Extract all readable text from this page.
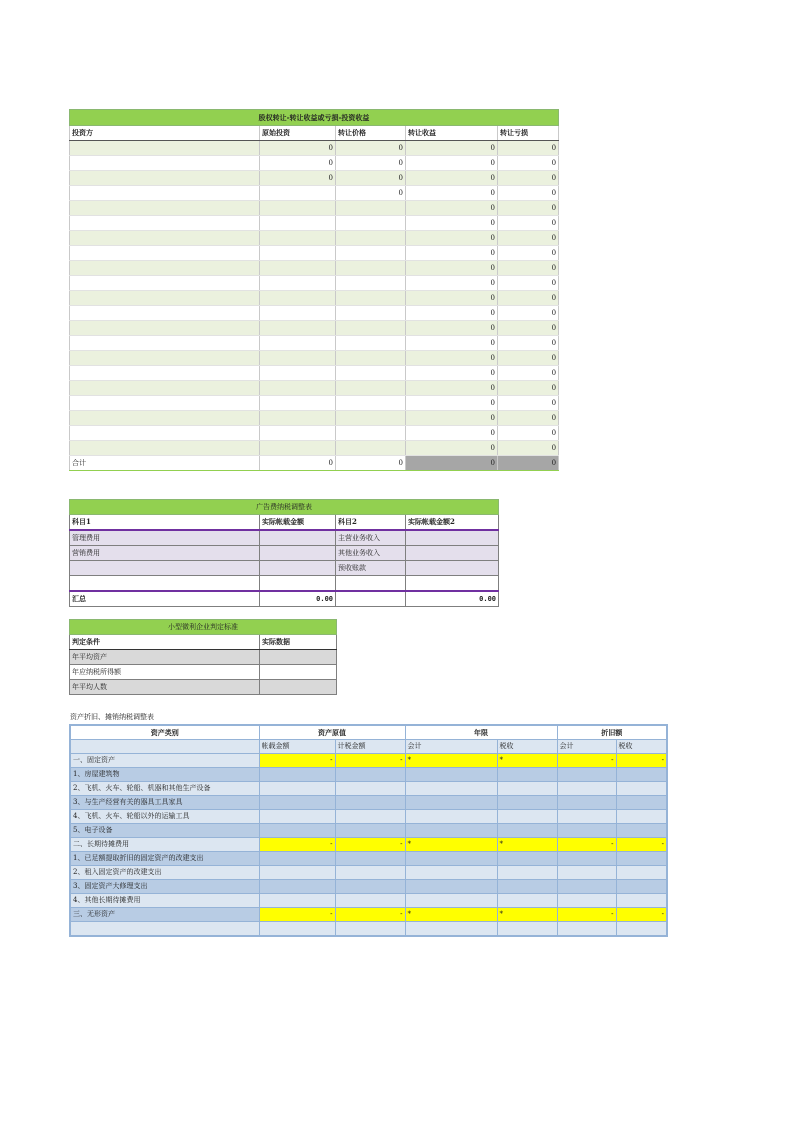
股权转让-转让收益或亏损-投资收益				
投资方	原始投资	转让价格	转让收益	转让亏损
	0	0	0	0
	0	0	0	0
	0	0	0	0
		0	0	0
			0	0
			0	0
			0	0
			0	0
			0	0
			0	0
			0	0
			0	0
			0	0
			0	0
			0	0
			0	0
			0	0
			0	0
			0	0
			0	0
			0	0
合计	0	0	0	0
广告费纳税调整表			
科目1	实际帐载金额	科目2	实际帐载金额2
管理费用		主营业务收入	
营销费用		其他业务收入	
		预收账款	

汇总	0.00		0.00
小型微利企业判定标准	
判定条件	实际数据
年平均资产	
年应纳税所得额	
年平均人数	
资产折旧、摊销纳税调整表
资产类别	资产原值		年限		折旧额	
	帐载金额	计税金额	会计	税收	会计	税收
一、固定资产	-	-	*	*	-	-
1、房屋建筑物						
2、飞机、火车、轮船、机器和其他生产设备						
3、与生产经营有关的器具工具家具						
4、飞机、火车、轮船以外的运输工具						
5、电子设备						
二、长期待摊费用	-	-	*	*	-	-
1、已足额提取折旧的固定资产的改建支出						
2、租入固定资产的改建支出						
3、固定资产大修理支出						
4、其他长期待摊费用						
三、无形资产	-	-	*	*	-	-
